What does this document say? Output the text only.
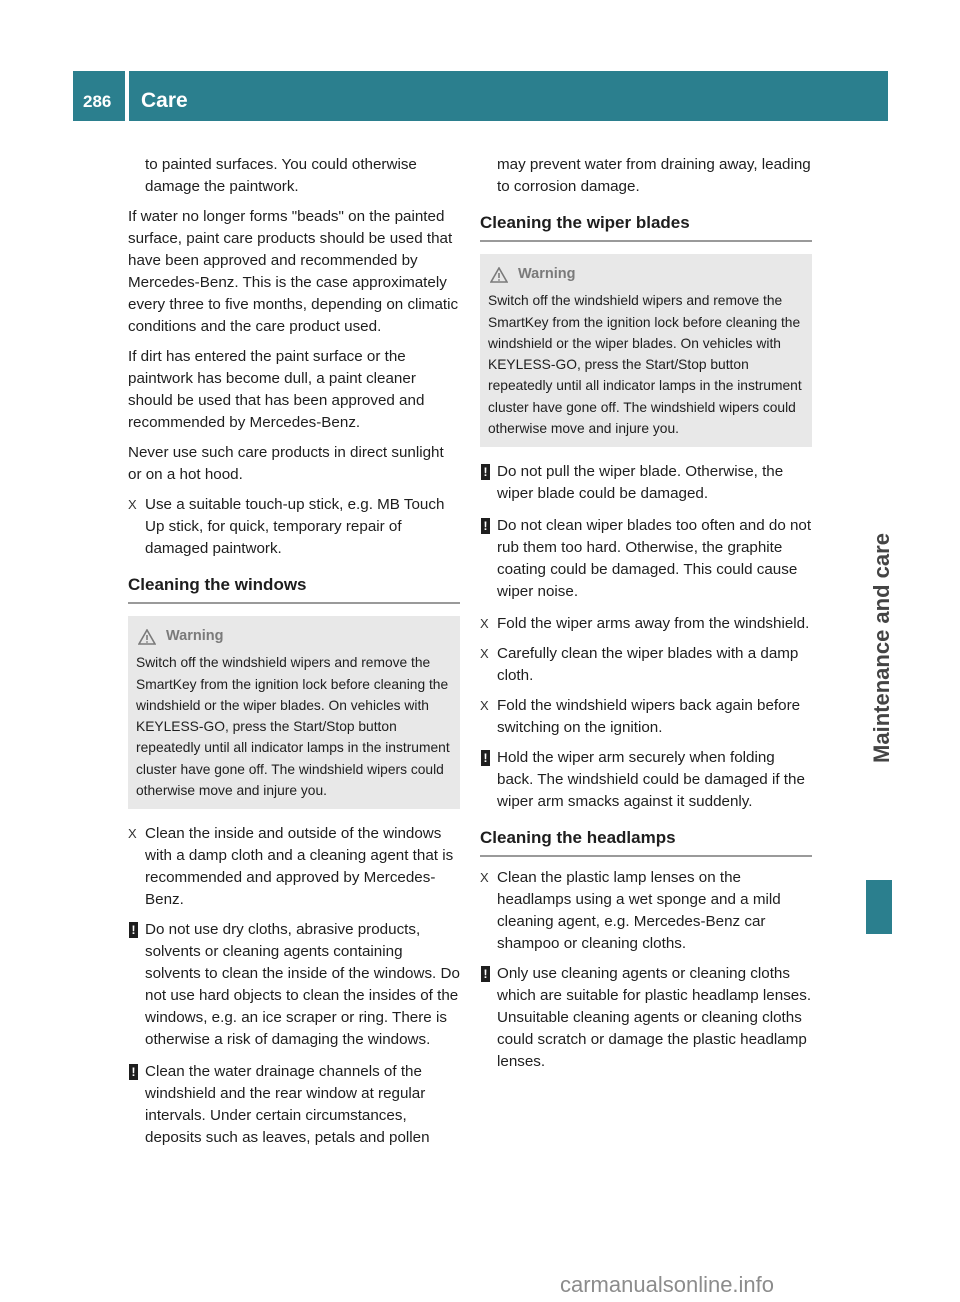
286 Care
Maintenance and care

to painted surfaces. You could otherwise damage the paintwork.

If water no longer forms "beads" on the painted surface, paint care products should be used that have been approved and recommended by Mercedes-Benz. This is the case approximately every three to five months, depending on climatic conditions and the care product used.

If dirt has entered the paint surface or the paintwork has become dull, a paint cleaner should be used that has been approved and recommended by Mercedes-Benz.

Never use such care products in direct sunlight or on a hot hood.

X Use a suitable touch-up stick, e.g. MB Touch Up stick, for quick, temporary repair of damaged paintwork.
Cleaning the windows
Warning
Switch off the windshield wipers and remove the SmartKey from the ignition lock before cleaning the windshield or the wiper blades. On vehicles with KEYLESS-GO, press the Start/Stop button repeatedly until all indicator lamps in the instrument cluster have gone off. The windshield wipers could otherwise move and injure you.
X Clean the inside and outside of the windows with a damp cloth and a cleaning agent that is recommended and approved by Mercedes-Benz.
! Do not use dry cloths, abrasive products, solvents or cleaning agents containing solvents to clean the inside of the windows. Do not use hard objects to clean the insides of the windows, e.g. an ice scraper or ring. There is otherwise a risk of damaging the windows.
! Clean the water drainage channels of the windshield and the rear window at regular intervals. Under certain circumstances, deposits such as leaves, petals and pollen

may prevent water from draining away, leading to corrosion damage.

Cleaning the wiper blades
Warning
Switch off the windshield wipers and remove the SmartKey from the ignition lock before cleaning the windshield or the wiper blades. On vehicles with KEYLESS-GO, press the Start/Stop button repeatedly until all indicator lamps in the instrument cluster have gone off. The windshield wipers could otherwise move and injure you.
! Do not pull the wiper blade. Otherwise, the wiper blade could be damaged.
! Do not clean wiper blades too often and do not rub them too hard. Otherwise, the graphite coating could be damaged. This could cause wiper noise.
X Fold the wiper arms away from the windshield.
X Carefully clean the wiper blades with a damp cloth.
X Fold the windshield wipers back again before switching on the ignition.
! Hold the wiper arm securely when folding back. The windshield could be damaged if the wiper arm smacks against it suddenly.
Cleaning the headlamps
X Clean the plastic lamp lenses on the headlamps using a wet sponge and a mild cleaning agent, e.g. Mercedes-Benz car shampoo or cleaning cloths.
! Only use cleaning agents or cleaning cloths which are suitable for plastic headlamp lenses. Unsuitable cleaning agents or cleaning cloths could scratch or damage the plastic headlamp lenses.
carmanualsonline.info
